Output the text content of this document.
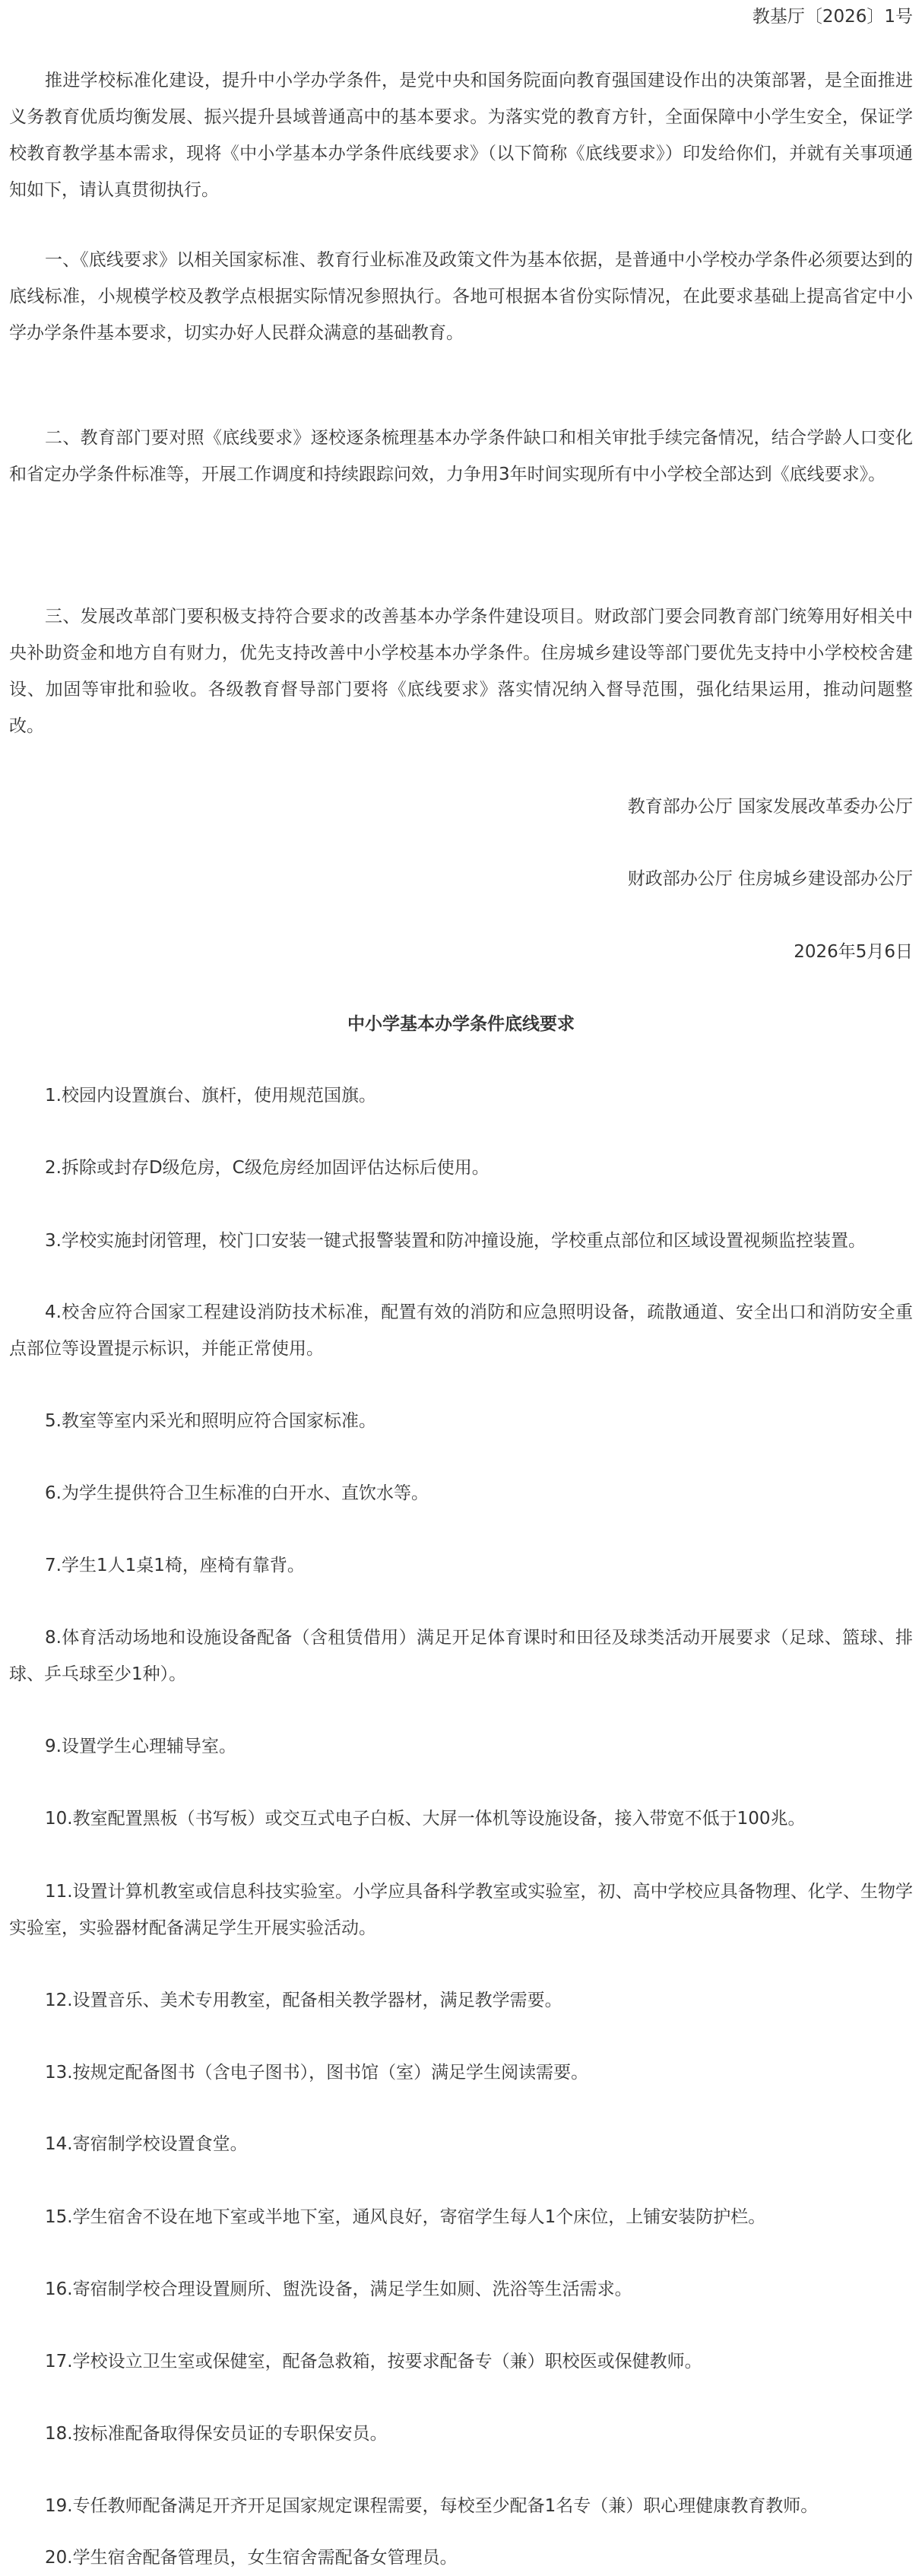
教基厅〔2026〕1号

推进学校标准化建设，提升中小学办学条件，是党中央和国务院面向教育强国建设作出的决策部署，是全面推进义务教育优质均衡发展、振兴提升县域普通高中的基本要求。为落实党的教育方针，全面保障中小学生安全，保证学校教育教学基本需求，现将《中小学基本办学条件底线要求》（以下简称《底线要求》）印发给你们，并就有关事项通知如下，请认真贯彻执行。

一、《底线要求》以相关国家标准、教育行业标准及政策文件为基本依据，是普通中小学校办学条件必须要达到的底线标准，小规模学校及教学点根据实际情况参照执行。各地可根据本省份实际情况，在此要求基础上提高省定中小学办学条件基本要求，切实办好人民群众满意的基础教育。

二、教育部门要对照《底线要求》逐校逐条梳理基本办学条件缺口和相关审批手续完备情况，结合学龄人口变化和省定办学条件标准等，开展工作调度和持续跟踪问效，力争用3年时间实现所有中小学校全部达到《底线要求》。

三、发展改革部门要积极支持符合要求的改善基本办学条件建设项目。财政部门要会同教育部门统筹用好相关中央补助资金和地方自有财力，优先支持改善中小学校基本办学条件。住房城乡建设等部门要优先支持中小学校校舍建设、加固等审批和验收。各级教育督导部门要将《底线要求》落实情况纳入督导范围，强化结果运用，推动问题整改。

教育部办公厅 国家发展改革委办公厅

财政部办公厅 住房城乡建设部办公厅

2026年5月6日

中小学基本办学条件底线要求

1.校园内设置旗台、旗杆，使用规范国旗。

2.拆除或封存D级危房，C级危房经加固评估达标后使用。

3.学校实施封闭管理，校门口安装一键式报警装置和防冲撞设施，学校重点部位和区域设置视频监控装置。

4.校舍应符合国家工程建设消防技术标准，配置有效的消防和应急照明设备，疏散通道、安全出口和消防安全重点部位等设置提示标识，并能正常使用。

5.教室等室内采光和照明应符合国家标准。

6.为学生提供符合卫生标准的白开水、直饮水等。

7.学生1人1桌1椅，座椅有靠背。

8.体育活动场地和设施设备配备（含租赁借用）满足开足体育课时和田径及球类活动开展要求（足球、篮球、排球、乒乓球至少1种）。

9.设置学生心理辅导室。

10.教室配置黑板（书写板）或交互式电子白板、大屏一体机等设施设备，接入带宽不低于100兆。

11.设置计算机教室或信息科技实验室。小学应具备科学教室或实验室，初、高中学校应具备物理、化学、生物学实验室，实验器材配备满足学生开展实验活动。

12.设置音乐、美术专用教室，配备相关教学器材，满足教学需要。

13.按规定配备图书（含电子图书），图书馆（室）满足学生阅读需要。

14.寄宿制学校设置食堂。

15.学生宿舍不设在地下室或半地下室，通风良好，寄宿学生每人1个床位，上铺安装防护栏。

16.寄宿制学校合理设置厕所、盥洗设备，满足学生如厕、洗浴等生活需求。

17.学校设立卫生室或保健室，配备急救箱，按要求配备专（兼）职校医或保健教师。

18.按标准配备取得保安员证的专职保安员。

19.专任教师配备满足开齐开足国家规定课程需要，每校至少配备1名专（兼）职心理健康教育教师。

20.学生宿舍配备管理员，女生宿舍需配备女管理员。
